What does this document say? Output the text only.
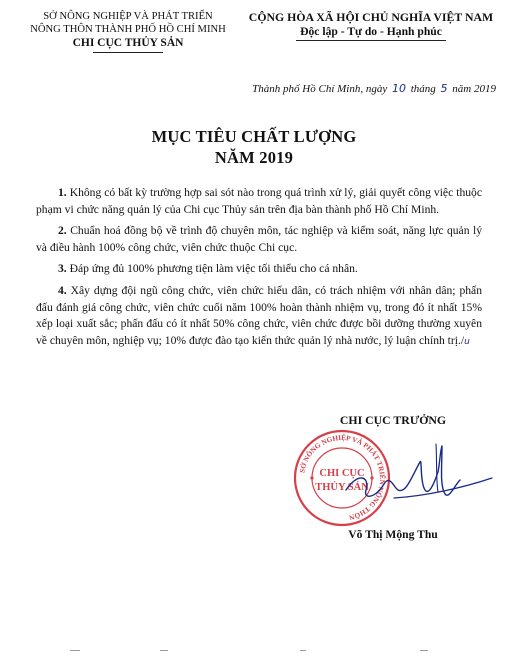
SỞ NÔNG NGHIỆP VÀ PHÁT TRIỂN
NÔNG THÔN THÀNH PHỐ HỒ CHÍ MINH
CHI CỤC THỦY SẢN
CỘNG HÒA XÃ HỘI CHỦ NGHĨA VIỆT NAM
Độc lập - Tự do - Hạnh phúc
Thành phố Hồ Chí Minh, ngày 10 tháng 5 năm 2019
MỤC TIÊU CHẤT LƯỢNG
NĂM 2019

1. Không có bất kỳ trường hợp sai sót nào trong quá trình xử lý, giải quyết công việc thuộc phạm vi chức năng quản lý của Chi cục Thủy sản trên địa bàn thành phố Hồ Chí Minh.

2. Chuẩn hoá đồng bộ về trình độ chuyên môn, tác nghiệp và kiểm soát, năng lực quản lý và điều hành 100% công chức, viên chức thuộc Chi cục.

3. Đáp ứng đủ 100% phương tiện làm việc tối thiểu cho cá nhân.

4. Xây dựng đội ngũ công chức, viên chức hiểu dân, có trách nhiệm với nhân dân; phấn đấu đánh giá công chức, viên chức cuối năm 100% hoàn thành nhiệm vụ, trong đó ít nhất 15% xếp loại xuất sắc; phấn đấu có ít nhất 50% công chức, viên chức được bồi dưỡng thường xuyên về chuyên môn, nghiệp vụ; 10% được đào tạo kiến thức quản lý nhà nước, lý luận chính trị./u

CHI CỤC TRƯỞNG
SỞ NÔNG NGHIỆP VÀ PHÁT TRIỂN NÔNG THÔN
CHI CỤC
THỦY SẢN
Võ Thị Mộng Thu
